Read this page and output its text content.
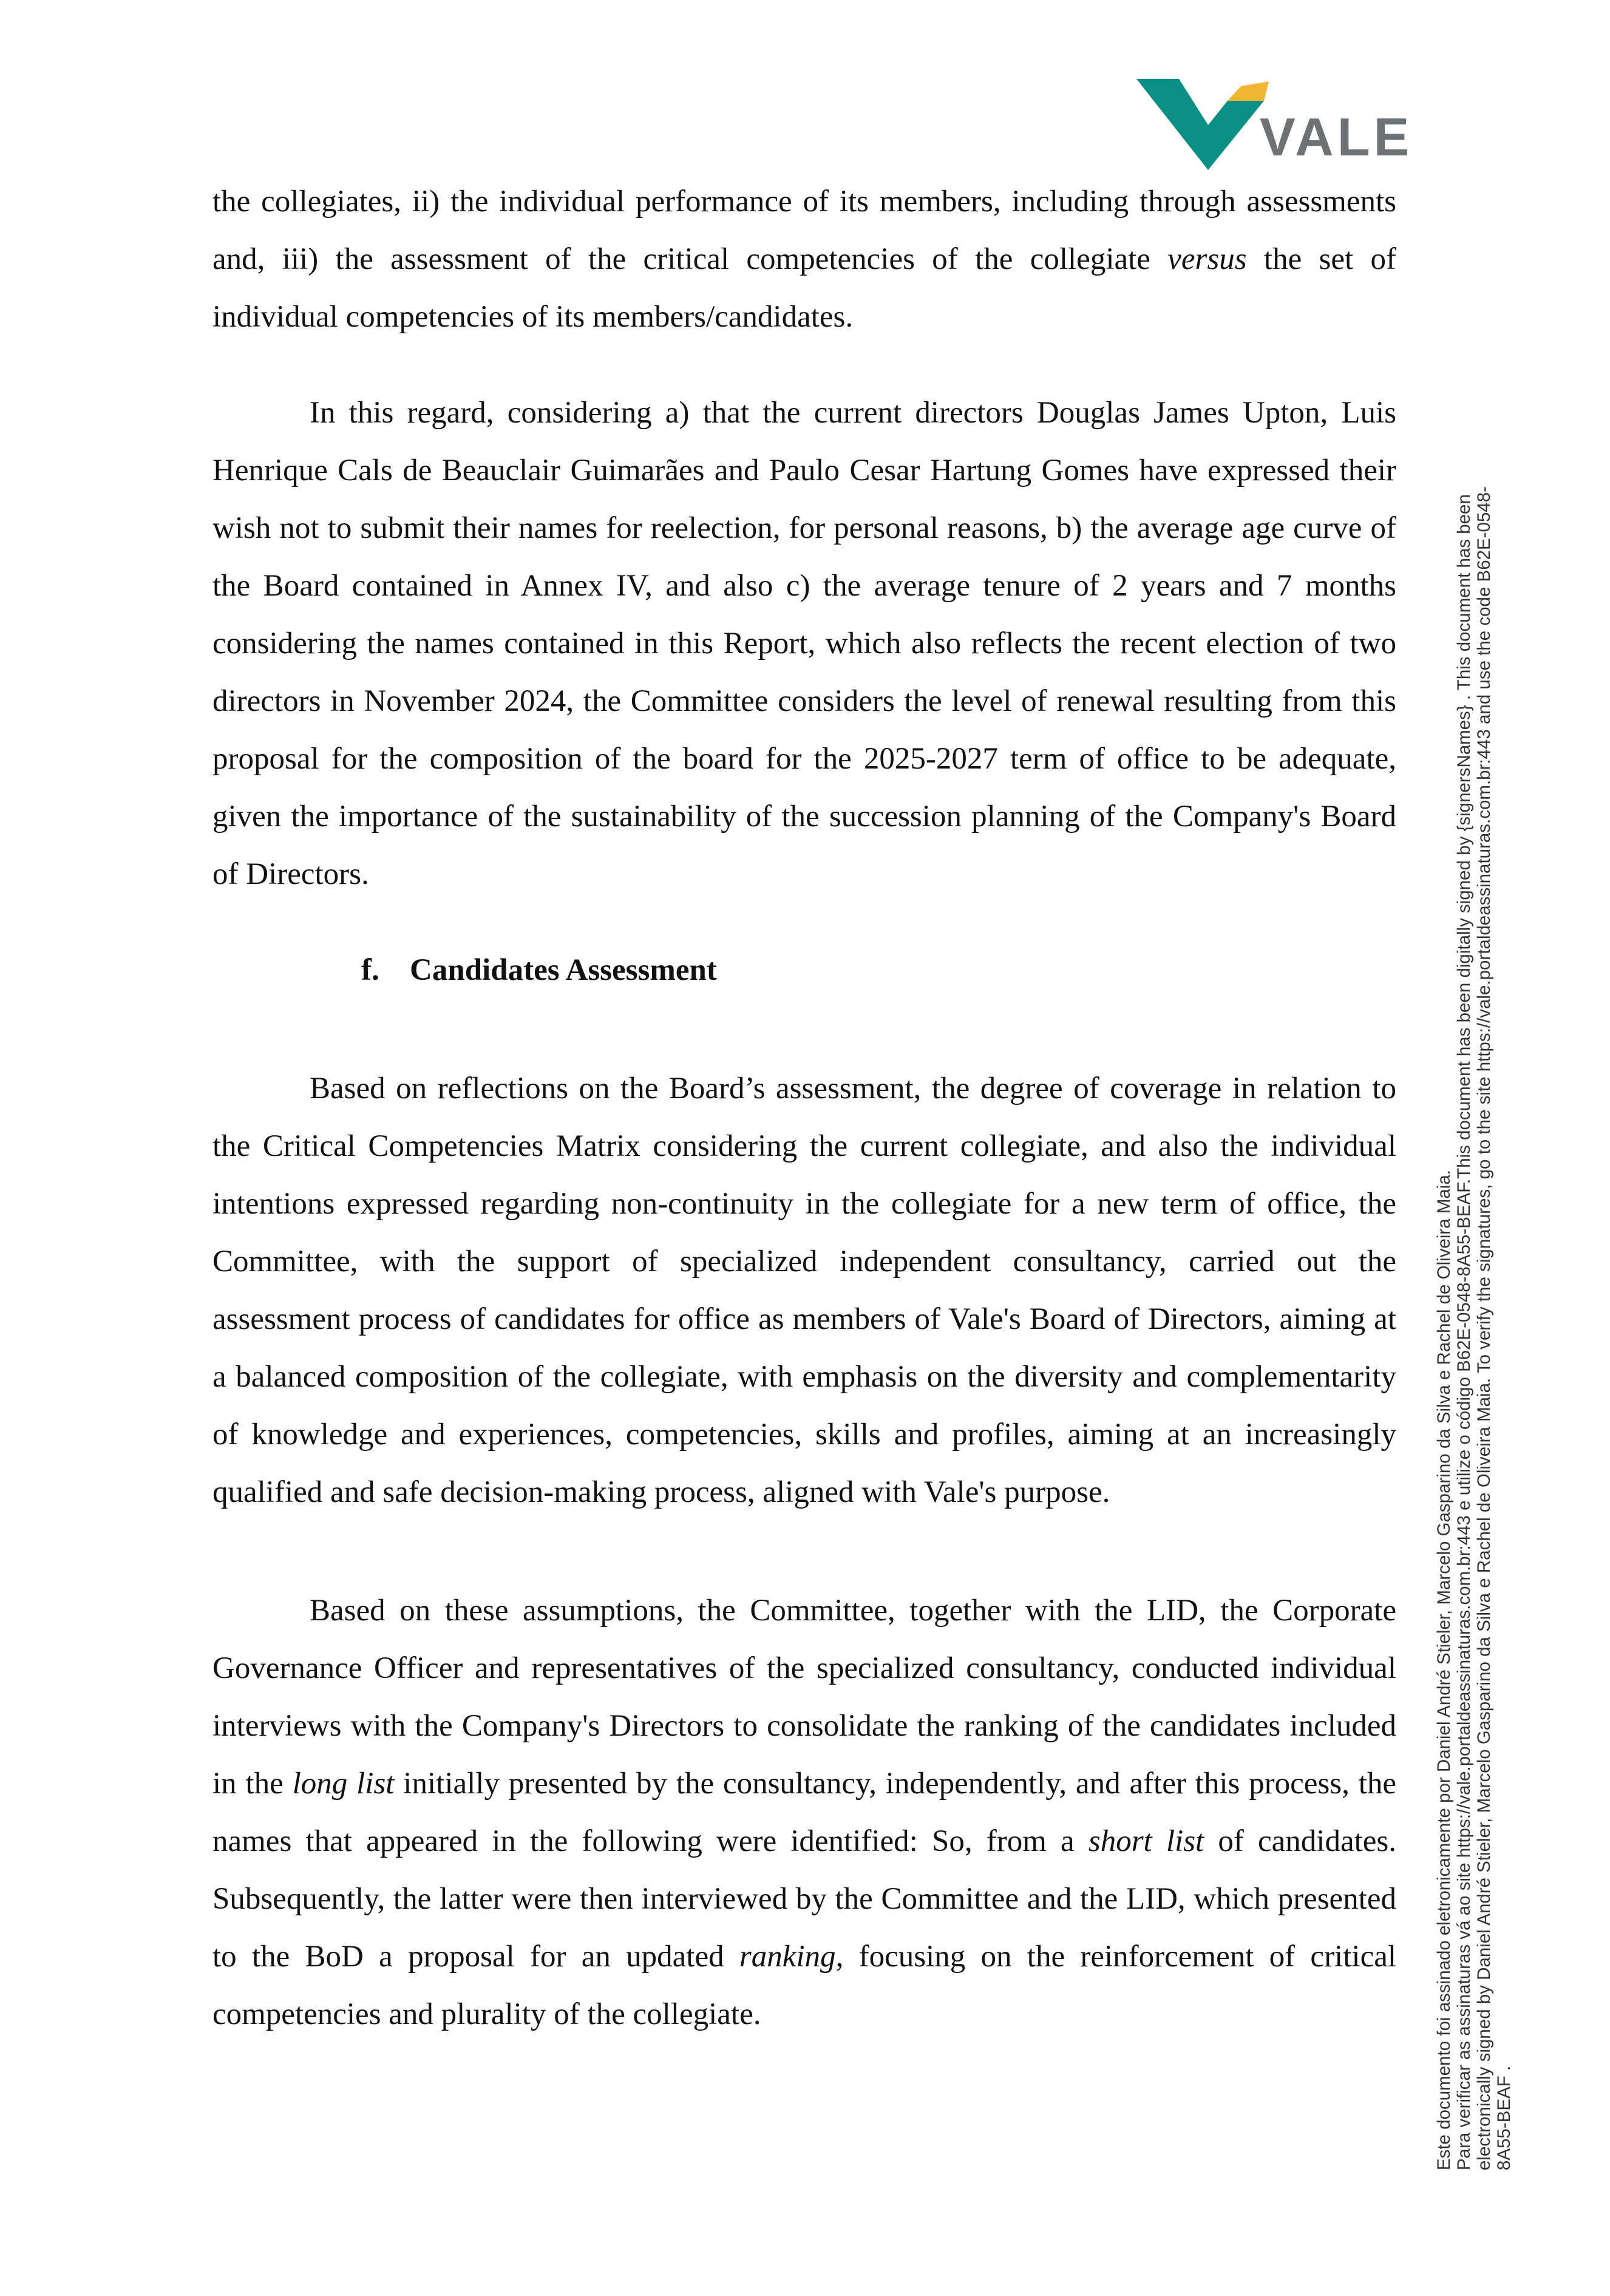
VALE

the collegiates, ii) the individual performance of its members, including through assessments and, iii) the assessment of the critical competencies of the collegiate versus the set of individual competencies of its members/candidates.

In this regard, considering a) that the current directors Douglas James Upton, Luis Henrique Cals de Beauclair Guimarães and Paulo Cesar Hartung Gomes have expressed their wish not to submit their names for reelection, for personal reasons, b) the average age curve of the Board contained in Annex IV, and also c) the average tenure of 2 years and 7 months considering the names contained in this Report, which also reflects the recent election of two directors in November 2024, the Committee considers the level of renewal resulting from this proposal for the composition of the board for the 2025-2027 term of office to be adequate, given the importance of the sustainability of the succession planning of the Company's Board of Directors.

f. Candidates Assessment

Based on reflections on the Board’s assessment, the degree of coverage in relation to the Critical Competencies Matrix considering the current collegiate, and also the individual intentions expressed regarding non-continuity in the collegiate for a new term of office, the Committee, with the support of specialized independent consultancy, carried out the assessment process of candidates for office as members of Vale's Board of Directors, aiming at a balanced composition of the collegiate, with emphasis on the diversity and complementarity of knowledge and experiences, competencies, skills and profiles, aiming at an increasingly qualified and safe decision-making process, aligned with Vale's purpose.

Based on these assumptions, the Committee, together with the LID, the Corporate Governance Officer and representatives of the specialized consultancy, conducted individual interviews with the Company's Directors to consolidate the ranking of the candidates included in the long list initially presented by the consultancy, independently, and after this process, the names that appeared in the following were identified: So, from a short list of candidates. Subsequently, the latter were then interviewed by the Committee and the LID, which presented to the BoD a proposal for an updated ranking, focusing on the reinforcement of critical competencies and plurality of the collegiate.	Este documento foi assinado eletronicamente por Daniel André Stieler, Marcelo Gasparino da Silva e Rachel de Oliveira Maia. Para verificar as assinaturas vá ao site https://vale.portaldeassinaturas.com.br:443 e utilize o código B62E-0548-8A55-BEAF.This document has been digitally signed by {signersNames} . This document has been electronically signed by Daniel André Stieler, Marcelo Gasparino da Silva e Rachel de Oliveira Maia. To verify the signatures, go to the site https://vale.portaldeassinaturas.com.br:443 and use the code B62E-0548- 8A55-BEAF .
